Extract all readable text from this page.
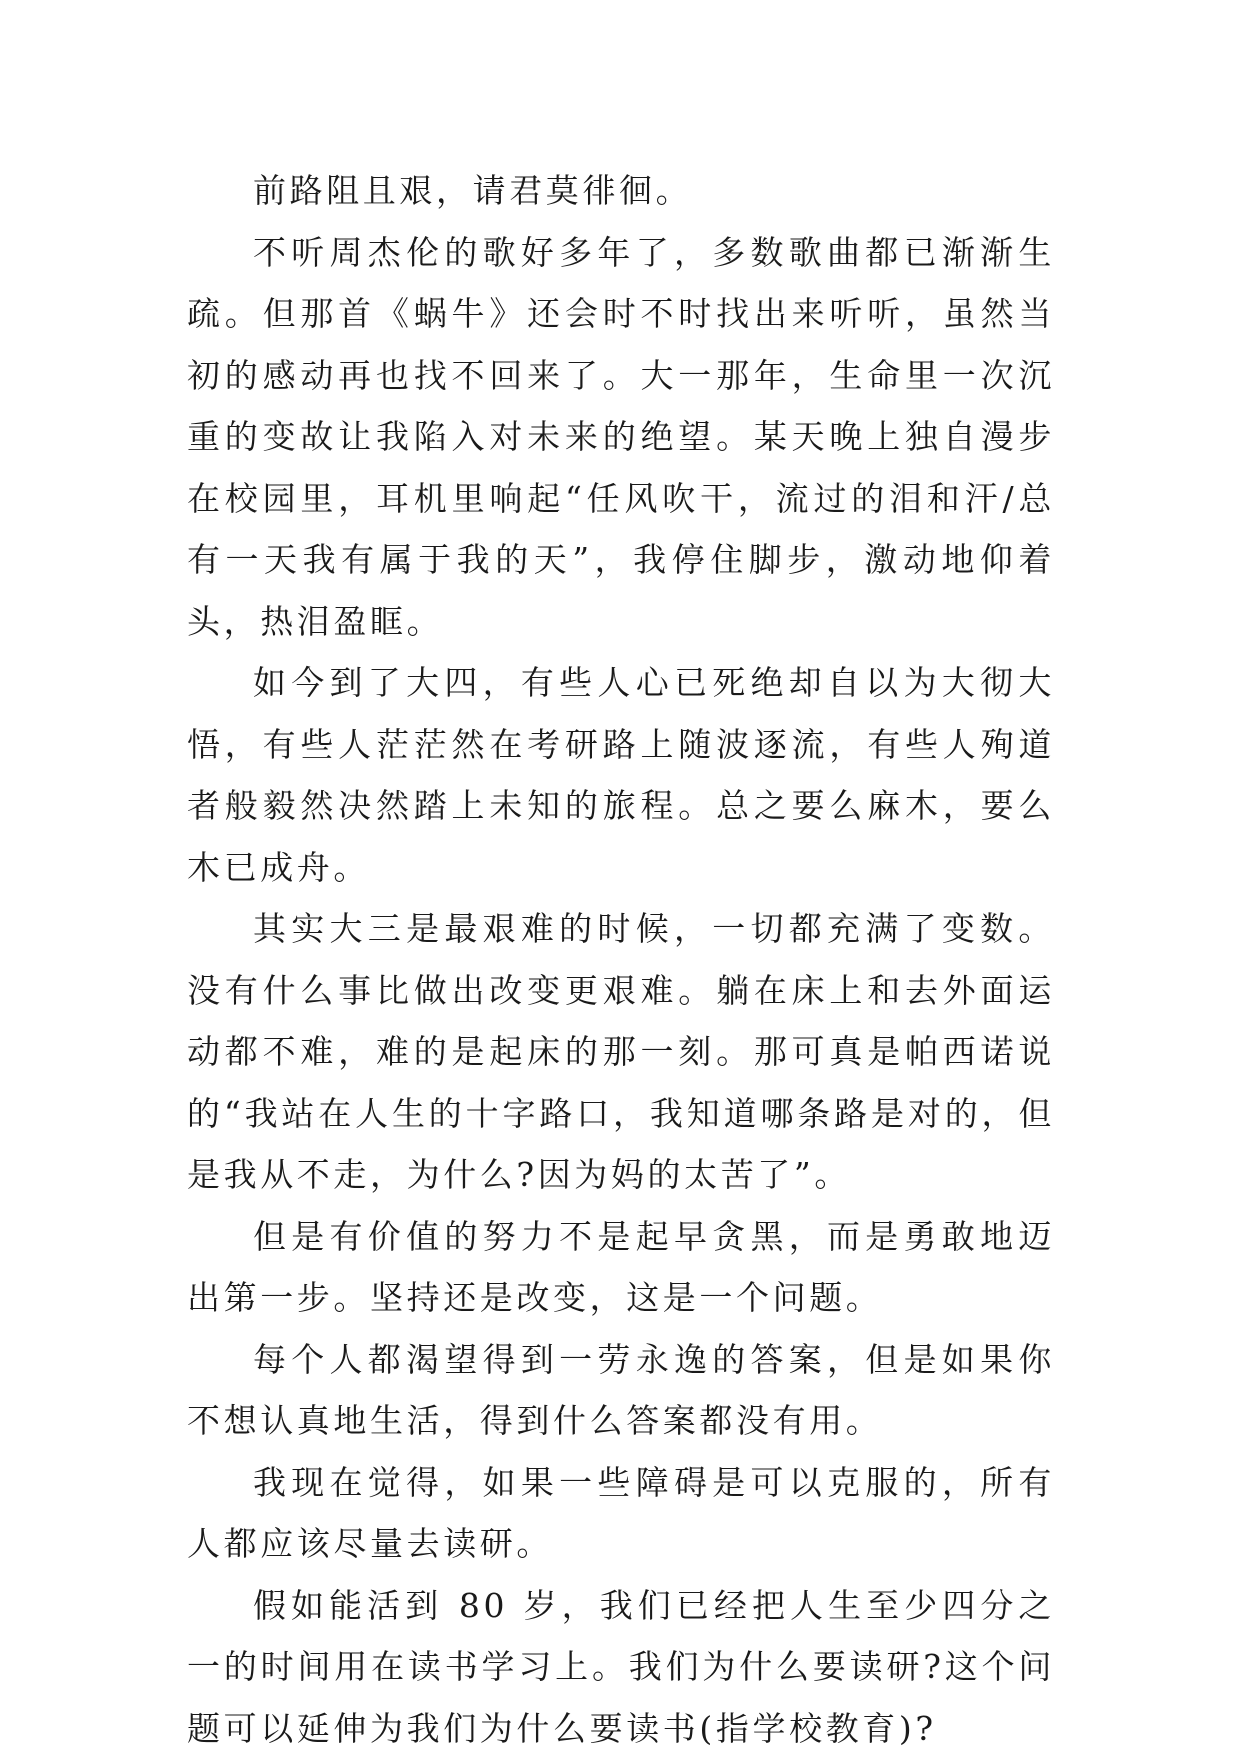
前路阻且艰，请君莫徘徊。

不听周杰伦的歌好多年了，多数歌曲都已渐渐生疏。但那首《蜗牛》还会时不时找出来听听，虽然当初的感动再也找不回来了。大一那年，生命里一次沉重的变故让我陷入对未来的绝望。某天晚上独自漫步在校园里，耳机里响起“任风吹干，流过的泪和汗/总有一天我有属于我的天”，我停住脚步，激动地仰着头，热泪盈眶。

如今到了大四，有些人心已死绝却自以为大彻大悟，有些人茫茫然在考研路上随波逐流，有些人殉道者般毅然决然踏上未知的旅程。总之要么麻木，要么木已成舟。

其实大三是最艰难的时候，一切都充满了变数。没有什么事比做出改变更艰难。躺在床上和去外面运动都不难，难的是起床的那一刻。那可真是帕西诺说的“我站在人生的十字路口，我知道哪条路是对的，但是我从不走，为什么?因为妈的太苦了”。

但是有价值的努力不是起早贪黑，而是勇敢地迈出第一步。坚持还是改变，这是一个问题。

每个人都渴望得到一劳永逸的答案，但是如果你不想认真地生活，得到什么答案都没有用。

我现在觉得，如果一些障碍是可以克服的，所有人都应该尽量去读研。

假如能活到 80 岁，我们已经把人生至少四分之一的时间用在读书学习上。我们为什么要读研?这个问题可以延伸为我们为什么要读书(指学校教育)?
